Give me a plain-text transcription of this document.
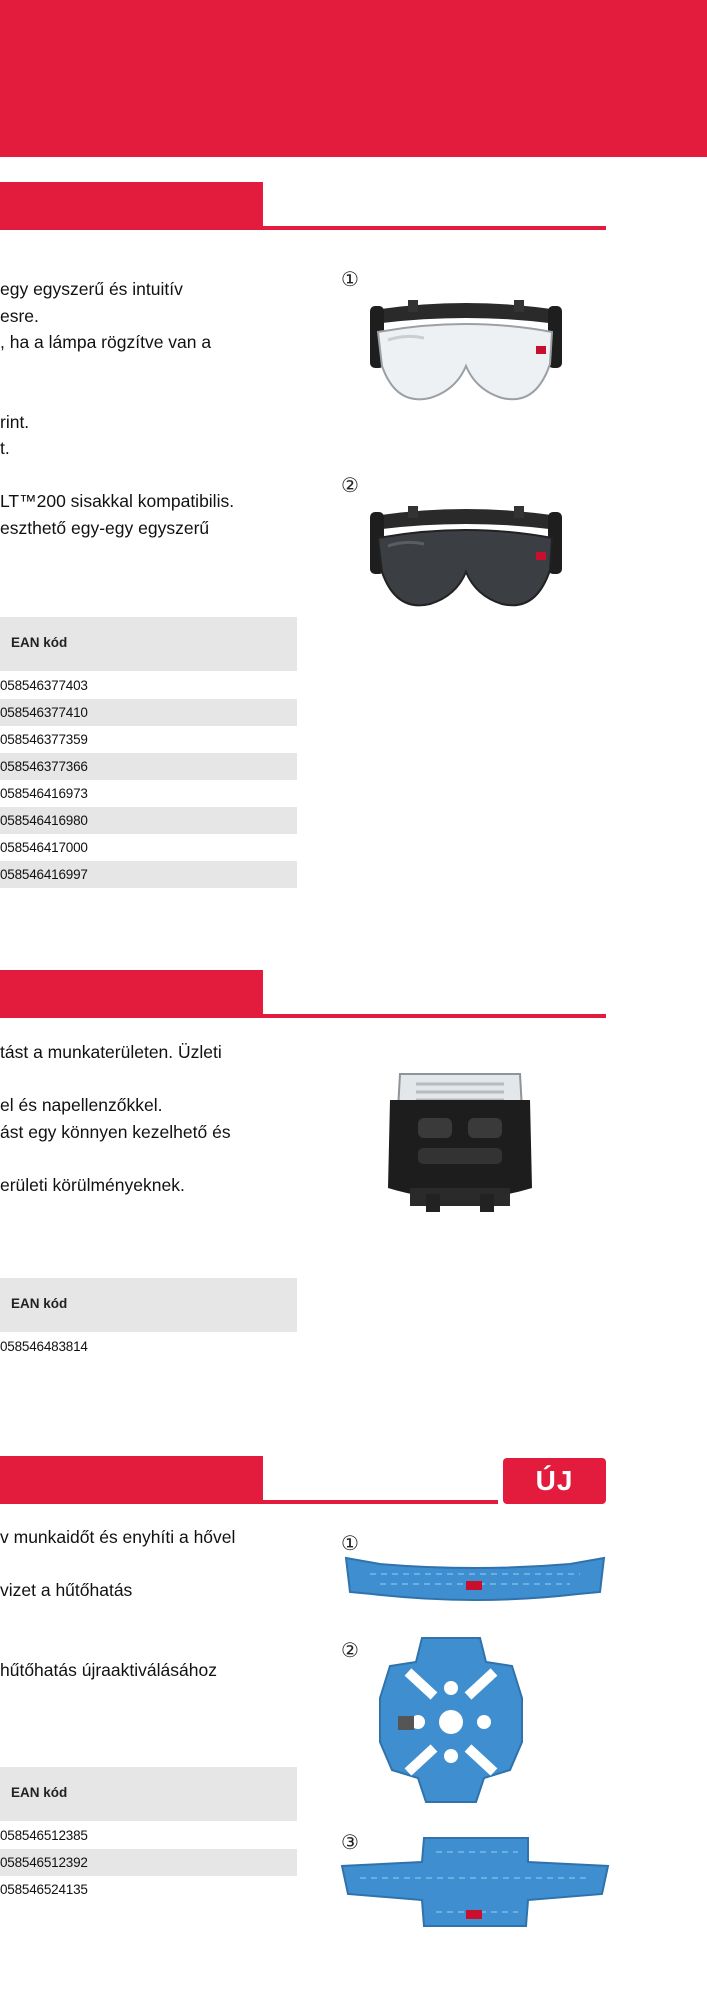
egy egyszerű és intuitív
esre.
, ha a lámpa rögzítve van a

rint.
t.

LT™200 sisakkal kompatibilis.
eszthető egy-egy egyszerű
EAN kód
058546377403
058546377410
058546377359
058546377366
058546416973
058546416980
058546417000
058546416997
①
②
tást a munkaterületen. Üzleti

el és napellenzőkkel.
ást egy könnyen kezelhető és

erületi körülményeknek.
EAN kód
058546483814
ÚJ
v munkaidőt és enyhíti a hővel

vizet a hűtőhatás

hűtőhatás újraaktiválásához
EAN kód
058546512385
058546512392
058546524135
①
②
③
